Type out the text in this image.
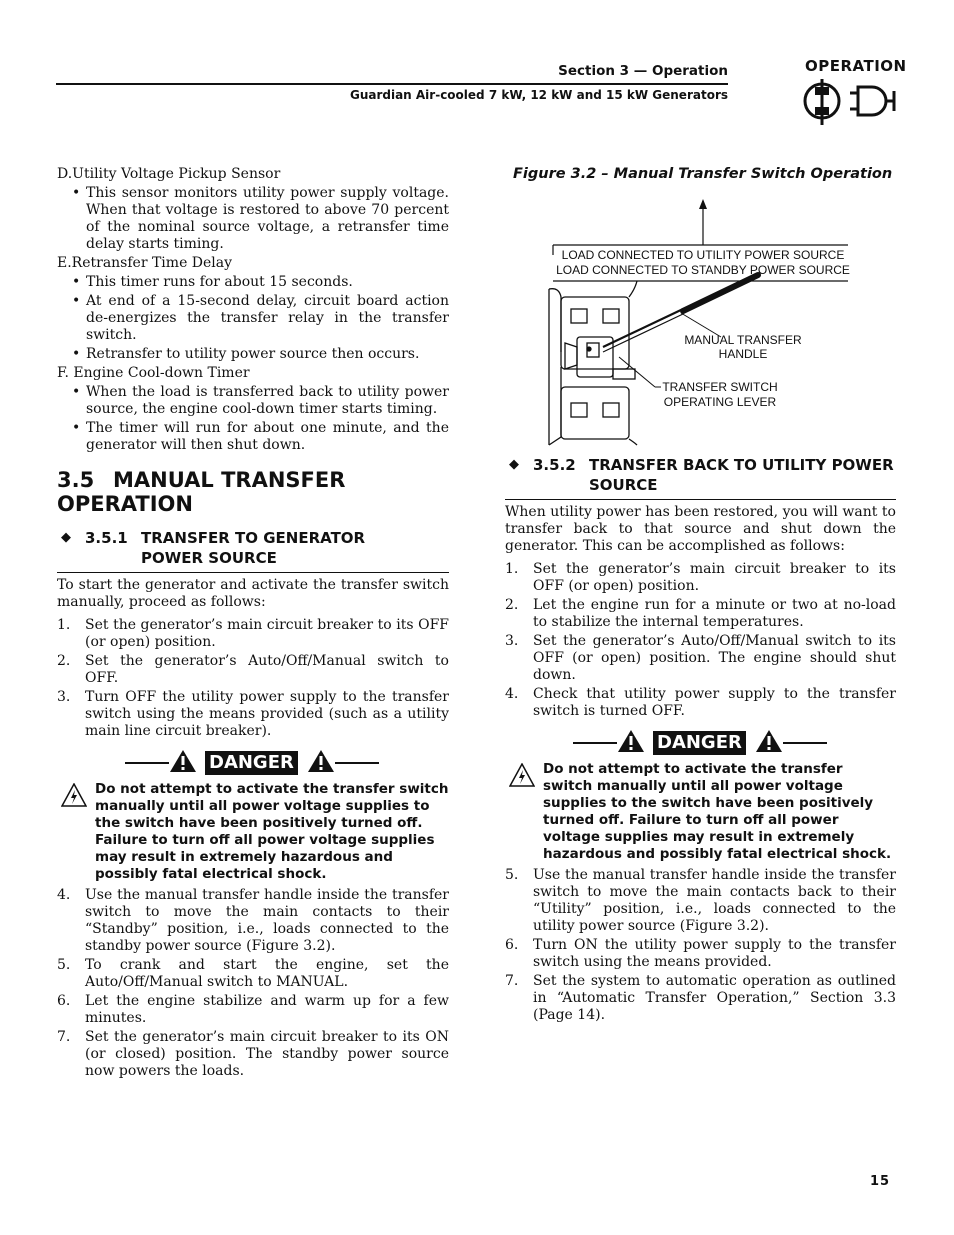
Section 3 — Operation
Guardian Air-cooled 7 kW, 12 kW and 15 kW Generators
OPERATION

D.Utility Voltage Pickup Sensor

• This sensor monitors utility power supply voltage. When that voltage is restored to above 70 percent of the nominal source voltage, a retransfer time delay starts timing.

E.Retransfer Time Delay

• This timer runs for about 15 seconds.
• At end of a 15-second delay, circuit board action de-energizes the transfer relay in the transfer switch.
• Retransfer to utility power source then occurs.

F. Engine Cool-down Timer

• When the load is transferred back to utility power source, the engine cool-down timer starts timing.
• The timer will run for about one minute, and the generator will then shut down.
3.5 MANUAL TRANSFER OPERATION
◆ 3.5.1 TRANSFER TO GENERATOR
POWER SOURCE

To start the generator and activate the transfer switch manually, proceed as follows:

1. Set the generator’s main circuit breaker to its OFF (or open) position.
2. Set the generator’s Auto/Off/Manual switch to OFF.
3. Turn OFF the utility power supply to the transfer switch using the means provided (such as a utility main line circuit breaker).
DANGER
Do not attempt to activate the transfer switch manually until all power voltage supplies to the switch have been positively turned off. Failure to turn off all power voltage supplies may result in extremely hazardous and possibly fatal electrical shock.
4. Use the manual transfer handle inside the transfer switch to move the main contacts to their “Standby” position, i.e., loads connected to the standby power source (Figure 3.2).
5. To crank and start the engine, set the Auto/Off/Manual switch to MANUAL.
6. Let the engine stabilize and warm up for a few minutes.
7. Set the generator’s main circuit breaker to its ON (or closed) position. The standby power source now powers the loads.
Figure 3.2 – Manual Transfer Switch Operation
LOAD CONNECTED TO UTILITY POWER SOURCE
LOAD CONNECTED TO STANDBY POWER SOURCE
MANUAL TRANSFER
HANDLE
TRANSFER SWITCH
OPERATING LEVER
◆ 3.5.2 TRANSFER BACK TO UTILITY POWER
SOURCE

When utility power has been restored, you will want to transfer back to that source and shut down the generator. This can be accomplished as follows:

1. Set the generator’s main circuit breaker to its OFF (or open) position.
2. Let the engine run for a minute or two at no-load to stabilize the internal temperatures.
3. Set the generator’s Auto/Off/Manual switch to its OFF (or open) position. The engine should shut down.
4. Check that utility power supply to the transfer switch is turned OFF.
DANGER
Do not attempt to activate the transfer switch manually until all power voltage supplies to the switch have been positively turned off. Failure to turn off all power voltage supplies may result in extremely hazardous and possibly fatal electrical shock.
5. Use the manual transfer handle inside the transfer switch to move the main contacts back to their “Utility” position, i.e., loads connected to the utility power source (Figure 3.2).
6. Turn ON the utility power supply to the transfer switch using the means provided.
7. Set the system to automatic operation as outlined in “Automatic Transfer Operation,” Section 3.3 (Page 14).
15
